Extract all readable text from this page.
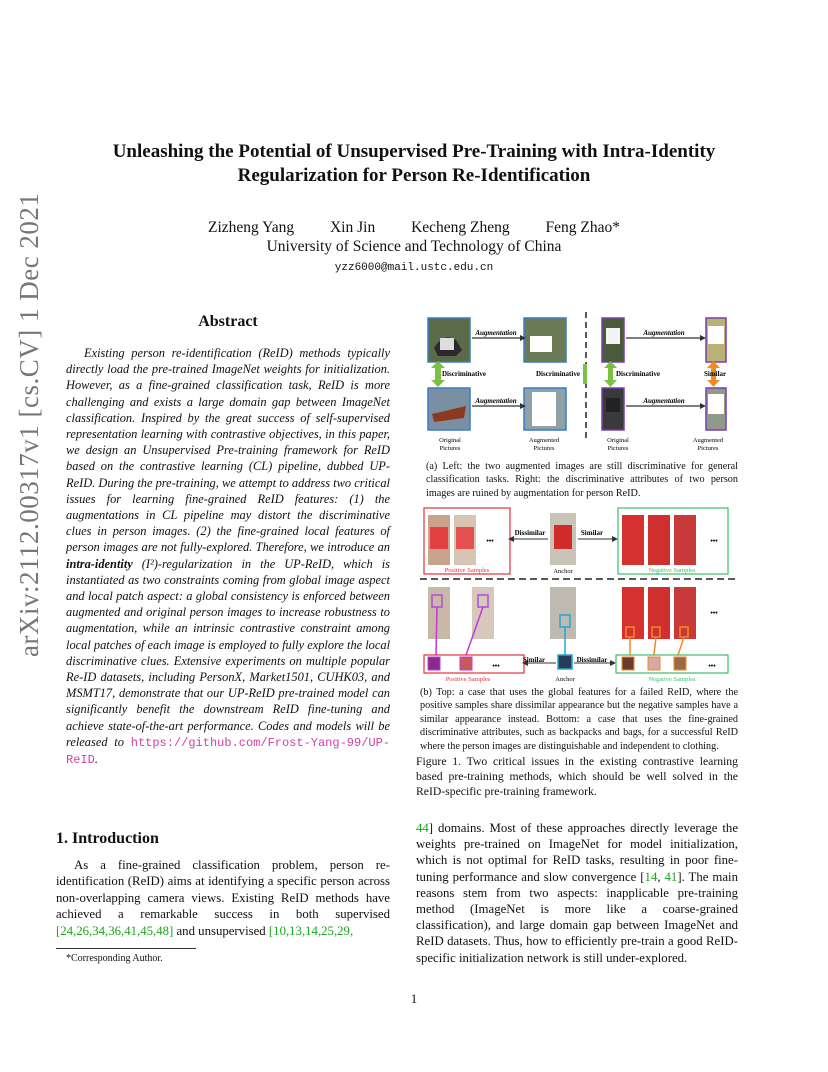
arXiv:2112.00317v1 [cs.CV] 1 Dec 2021
Unleashing the Potential of Unsupervised Pre-Training with Intra-Identity Regularization for Person Re-Identification
Zizheng Yang Xin Jin Kecheng Zheng Feng Zhao*
University of Science and Technology of China
yzz6000@mail.ustc.edu.cn
Abstract

Existing person re-identification (ReID) methods typically directly load the pre-trained ImageNet weights for initialization. However, as a fine-grained classification task, ReID is more challenging and exists a large domain gap between ImageNet classification. Inspired by the great success of self-supervised representation learning with contrastive objectives, in this paper, we design an Unsupervised Pre-training framework for ReID based on the contrastive learning (CL) pipeline, dubbed UP-ReID. During the pre-training, we attempt to address two critical issues for learning fine-grained ReID features: (1) the augmentations in CL pipeline may distort the discriminative clues in person images. (2) the fine-grained local features of person images are not fully-explored. Therefore, we introduce an intra-identity (I²)-regularization in the UP-ReID, which is instantiated as two constraints coming from global image aspect and local patch aspect: a global consistency is enforced between augmented and original person images to increase robustness to augmentation, while an intrinsic contrastive constraint among local patches of each image is employed to fully explore the local discriminative clues. Extensive experiments on multiple popular Re-ID datasets, including PersonX, Market1501, CUHK03, and MSMT17, demonstrate that our UP-ReID pre-trained model can significantly benefit the downstream ReID fine-tuning and achieve state-of-the-art performance. Codes and models will be released to https://github.com/Frost-Yang-99/UP-ReID.

1. Introduction

As a fine-grained classification problem, person re-identification (ReID) aims at identifying a specific person across non-overlapping camera views. Existing ReID methods have achieved a remarkable success in both supervised [24,26,34,36,41,45,48] and unsupervised [10,13,14,25,29,

*Corresponding Author.

44] domains. Most of these approaches directly leverage the weights pre-trained on ImageNet for model initialization, which is not optimal for ReID tasks, resulting in poor fine-tuning performance and slow convergence [14, 41]. The main reasons stem from two aspects: inapplicable pre-training method (ImageNet is more like a coarse-grained classification), and large domain gap between ImageNet and ReID datasets. Thus, how to efficiently pre-train a good ReID-specific initialization network is still under-explored.

Augmentation
Augmentation
Discriminative	Discriminative
Original
Pictures
Augmented
Pictures
Augmentation
Augmentation
Discriminative	Similar
Original
Pictures
Augmented
Pictures
(a) Left: the two augmented images are still discriminative for general classification tasks. Right: the discriminative attributes of two person images are ruined by augmentation for person ReID.
•••
Positive Samples	Anchor
Dissimilar	Similar
•••
Negative Samples
•••
•••
Positive Samples	Anchor
Similar	Dissimilar
•••
Negative Samples
(b) Top: a case that uses the global features for a failed ReID, where the positive samples share dissimilar appearance but the negative samples have a similar appearance instead. Bottom: a case that uses the fine-grained discriminative attributes, such as backpacks and bags, for a successful ReID where the person images are distinguishable and independent to clothing.
Figure 1. Two critical issues in the existing contrastive learning based pre-training methods, which should be well solved in the ReID-specific pre-training framework.
1
